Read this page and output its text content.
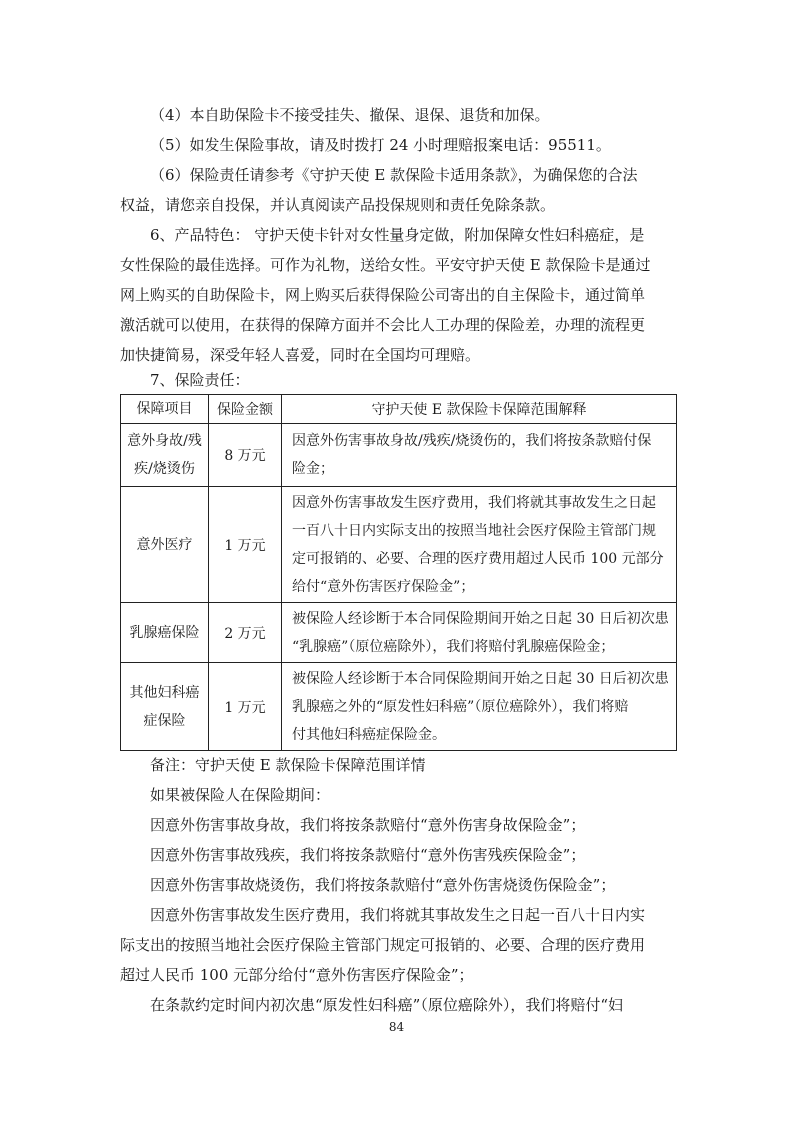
（4）本自助保险卡不接受挂失、撤保、退保、退货和加保。

（5）如发生保险事故，请及时拨打 24 小时理赔报案电话：95511。

（6）保险责任请参考《守护天使 E 款保险卡适用条款》，为确保您的合法
权益，请您亲自投保，并认真阅读产品投保规则和责任免除条款。
6、产品特色： 守护天使卡针对女性量身定做，附加保障女性妇科癌症，是
女性保险的最佳选择。可作为礼物，送给女性。平安守护天使 E 款保险卡是通过
网上购买的自助保险卡，网上购买后获得保险公司寄出的自主保险卡，通过简单
激活就可以使用，在获得的保障方面并不会比人工办理的保险差，办理的流程更
加快捷简易，深受年轻人喜爱，同时在全国均可理赔。

7、保险责任：

保障项目	保险金额	守护天使 E 款保险卡保障范围解释

意外身故/残
疾/烧烫伤	8 万元	因意外伤害事故身故/残疾/烧烫伤的，我们将按条款赔付保
险金；

意外医疗	1 万元	因意外伤害事故发生医疗费用，我们将就其事故发生之日起
一百八十日内实际支出的按照当地社会医疗保险主管部门规
定可报销的、必要、合理的医疗费用超过人民币 100 元部分
给付“意外伤害医疗保险金”；

乳腺癌保险	2 万元	被保险人经诊断于本合同保险期间开始之日起 30 日后初次患
“乳腺癌”（原位癌除外），我们将赔付乳腺癌保险金；

其他妇科癌
症保险	1 万元	被保险人经诊断于本合同保险期间开始之日起 30 日后初次患
乳腺癌之外的“原发性妇科癌”（原位癌除外），我们将赔
付其他妇科癌症保险金。

备注：守护天使 E 款保险卡保障范围详情

如果被保险人在保险期间：

因意外伤害事故身故，我们将按条款赔付“意外伤害身故保险金”；

因意外伤害事故残疾，我们将按条款赔付“意外伤害残疾保险金”；

因意外伤害事故烧烫伤，我们将按条款赔付“意外伤害烧烫伤保险金”；

因意外伤害事故发生医疗费用，我们将就其事故发生之日起一百八十日内实
际支出的按照当地社会医疗保险主管部门规定可报销的、必要、合理的医疗费用
超过人民币 100 元部分给付“意外伤害医疗保险金”；

在条款约定时间内初次患“原发性妇科癌”（原位癌除外），我们将赔付“妇

84
